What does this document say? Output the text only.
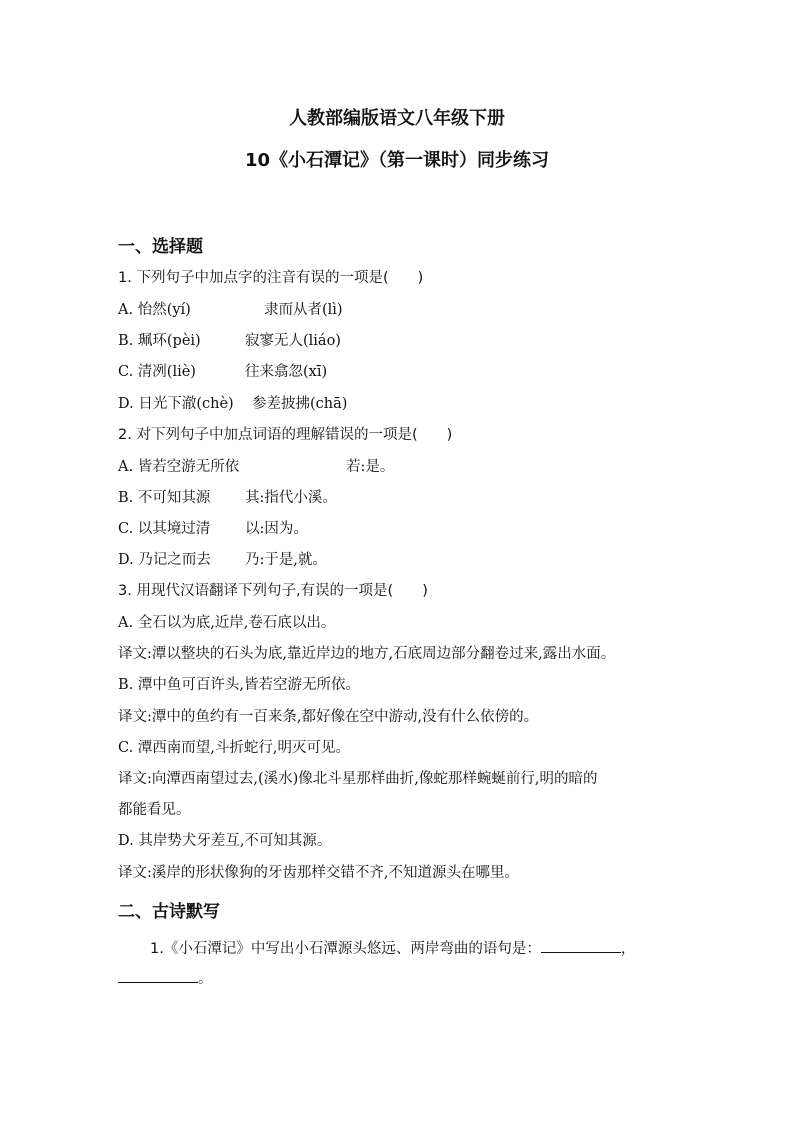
人教部编版语文八年级下册
10《小石潭记》（第一课时）同步练习
一、选择题
1. 下列句子中加点字的注音有误的一项是(　　)
A. 怡然(yí)	隶而从者(lì)
B. 珮环(pèi)	寂寥无人(liáo)
C. 清冽(liè)	往来翕忽(xī)
D. 日光下澈(chè) 参差披拂(chā)
2. 对下列句子中加点词语的理解错误的一项是(　　)
A. 皆若空游无所依	若:是。
B. 不可知其源 其:指代小溪。
C. 以其境过清 以:因为。
D. 乃记之而去 乃:于是,就。
3. 用现代汉语翻译下列句子,有误的一项是(　　)
A. 全石以为底,近岸,卷石底以出。
译文:潭以整块的石头为底,靠近岸边的地方,石底周边部分翻卷过来,露出水面。
B. 潭中鱼可百许头,皆若空游无所依。
译文:潭中的鱼约有一百来条,都好像在空中游动,没有什么依傍的。
C. 潭西南而望,斗折蛇行,明灭可见。
译文:向潭西南望过去,(溪水)像北斗星那样曲折,像蛇那样蜿蜒前行,明的暗的
都能看见。
D. 其岸势犬牙差互,不可知其源。
译文:溪岸的形状像狗的牙齿那样交错不齐,不知道源头在哪里。
二、古诗默写
1.《小石潭记》中写出小石潭源头悠远、两岸弯曲的语句是：	，
。
